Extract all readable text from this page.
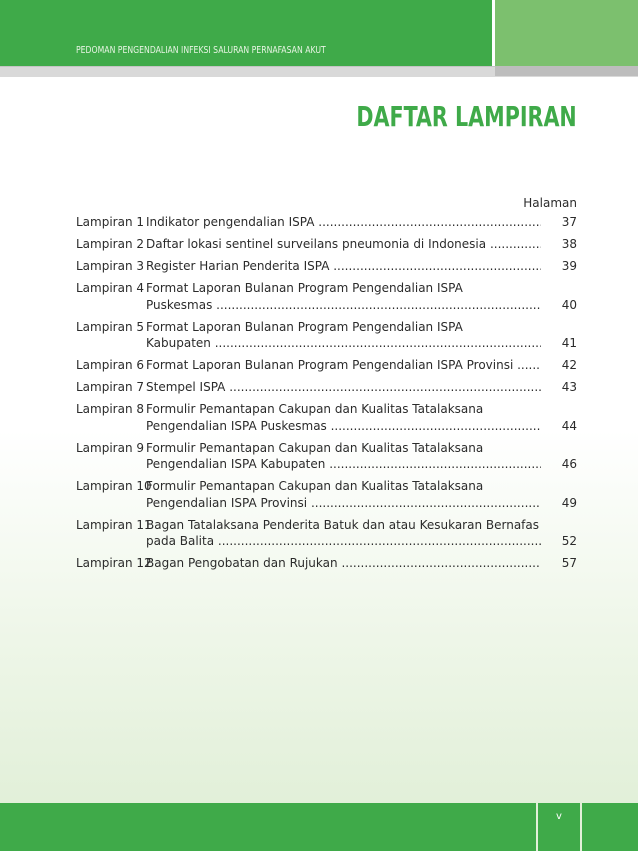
PEDOMAN PENGENDALIAN INFEKSI SALURAN PERNAFASAN AKUT
DAFTAR LAMPIRAN
Halaman
Lampiran 1 Indikator pengendalian ISPA .....	37
Lampiran 2 Daftar lokasi sentinel surveilans pneumonia di Indonesia .....	38
Lampiran 3 Register Harian Penderita ISPA .....	39
Lampiran 4 Format Laporan Bulanan Program Pengendalian ISPA
Puskesmas .....	40
Lampiran 5 Format Laporan Bulanan Program Pengendalian ISPA
Kabupaten .....	41
Lampiran 6 Format Laporan Bulanan Program Pengendalian ISPA Provinsi .....	42
Lampiran 7 Stempel ISPA .....	43
Lampiran 8 Formulir Pemantapan Cakupan dan Kualitas Tatalaksana
Pengendalian ISPA Puskesmas .....	44
Lampiran 9 Formulir Pemantapan Cakupan dan Kualitas Tatalaksana
Pengendalian ISPA Kabupaten .....	46
Lampiran 10
Formulir Pemantapan Cakupan dan Kualitas Tatalaksana
Pengendalian ISPA Provinsi .....	49
Lampiran 11
Bagan Tatalaksana Penderita Batuk dan atau Kesukaran Bernafas
pada Balita .....	52
Lampiran 12
Bagan Pengobatan dan Rujukan .....	57
v
